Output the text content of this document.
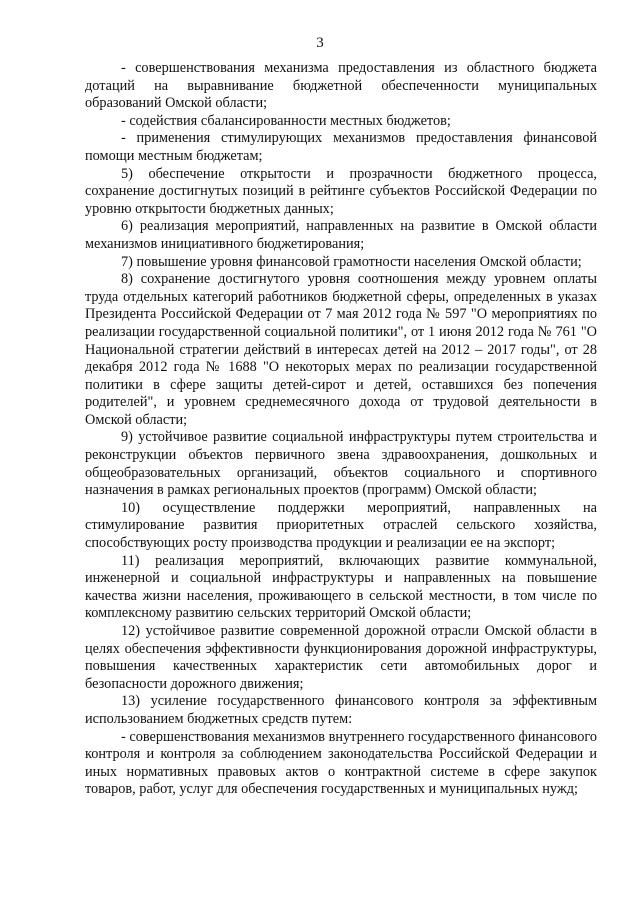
3

- совершенствования механизма предоставления из областного бюджета дотаций на выравнивание бюджетной обеспеченности муниципальных образований Омской области;

- содействия сбалансированности местных бюджетов;

- применения стимулирующих механизмов предоставления финансовой помощи местным бюджетам;

5) обеспечение открытости и прозрачности бюджетного процесса, сохранение достигнутых позиций в рейтинге субъектов Российской Федерации по уровню открытости бюджетных данных;

6) реализация мероприятий, направленных на развитие в Омской области механизмов инициативного бюджетирования;

7) повышение уровня финансовой грамотности населения Омской области;

8) сохранение достигнутого уровня соотношения между уровнем оплаты труда отдельных категорий работников бюджетной сферы, определенных в указах Президента Российской Федерации от 7 мая 2012 года № 597 "О мероприятиях по реализации государственной социальной политики", от 1 июня 2012 года № 761 "О Национальной стратегии действий в интересах детей на 2012 – 2017 годы", от 28 декабря 2012 года № 1688 "О некоторых мерах по реализации государственной политики в сфере защиты детей-сирот и детей, оставшихся без попечения родителей", и уровнем среднемесячного дохода от трудовой деятельности в Омской области;

9) устойчивое развитие социальной инфраструктуры путем строительства и реконструкции объектов первичного звена здравоохранения, дошкольных и общеобразовательных организаций, объектов социального и спортивного назначения в рамках региональных проектов (программ) Омской области;

10) осуществление поддержки мероприятий, направленных на стимулирование развития приоритетных отраслей сельского хозяйства, способствующих росту производства продукции и реализации ее на экспорт;

11) реализация мероприятий, включающих развитие коммунальной, инженерной и социальной инфраструктуры и направленных на повышение качества жизни населения, проживающего в сельской местности, в том числе по комплексному развитию сельских территорий Омской области;

12) устойчивое развитие современной дорожной отрасли Омской области в целях обеспечения эффективности функционирования дорожной инфраструктуры, повышения качественных характеристик сети автомобильных дорог и безопасности дорожного движения;

13) усиление государственного финансового контроля за эффективным использованием бюджетных средств путем:

- совершенствования механизмов внутреннего государственного финансового контроля и контроля за соблюдением законодательства Российской Федерации и иных нормативных правовых актов о контрактной системе в сфере закупок товаров, работ, услуг для обеспечения государственных и муниципальных нужд;
